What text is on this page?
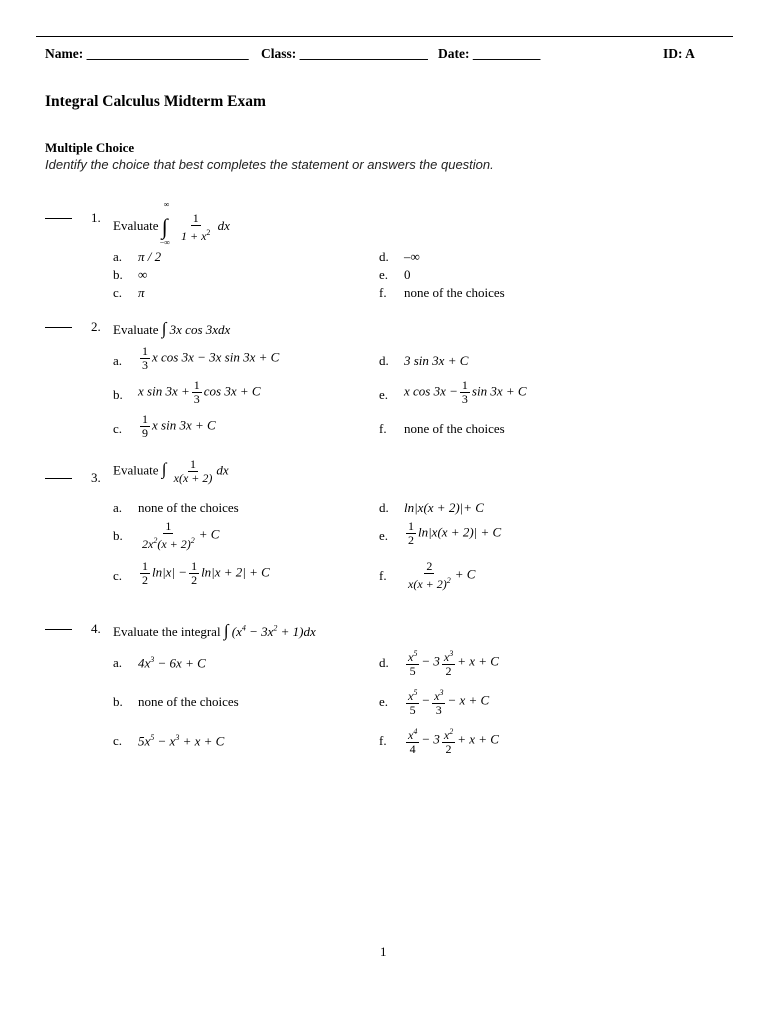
Name: ________________________ Class: ___________________ Date: __________	ID: A
Integral Calculus Midterm Exam
Multiple Choice
Identify the choice that best completes the statement or answers the question.
1.
Evaluate ∫
∞
−∞
$\frac{1}{1 + x^2}$ dx
a. π / 2
b. ∞
c. π
d. –∞
e. 0
f. none of the choices
2. Evaluate ∫ 3x cos 3xdx
a. $\frac{1}{3}$ x cos 3x − 3x sin 3x + C
b. x $\sin 3x + \frac{1}{3}$ cos 3x + C
c. $\frac{1}{9}$ x sin 3x + C
d. 3 sin 3x + C
e. x $\cos 3x - \frac{1}{3}$ sin 3x + C
f. none of the choices
3.
Evaluate ∫ $\frac{1}{x(x + 2)}$ dx
a. none of the choices
b. $\frac{1}{2x^2(x + 2)^2} + C$
c. $\frac{1}{2} \ln|x| - \frac{1}{2} \ln|x + 2| + C$
d. ln|x(x + 2)|+ C
e. $\frac{1}{2} \ln|x(x + 2)| + C$
f. $\frac{2}{x(x + 2)^2} + C$
4. Evaluate the integral ∫ $(x^4 - 3x^2 + 1)dx$
a. $4x^3 - 6x + C$
b. none of the choices
c. $5x^5 - x^3 + x + C$
d. $\frac{x^5}{5} - 3 \frac{x^3}{2} + x + C$
e. $\frac{x^5}{5} - \frac{x^3}{3} - x + C$
f. $\frac{x^4}{4} - 3 \frac{x^2}{2} + x + C$
1
